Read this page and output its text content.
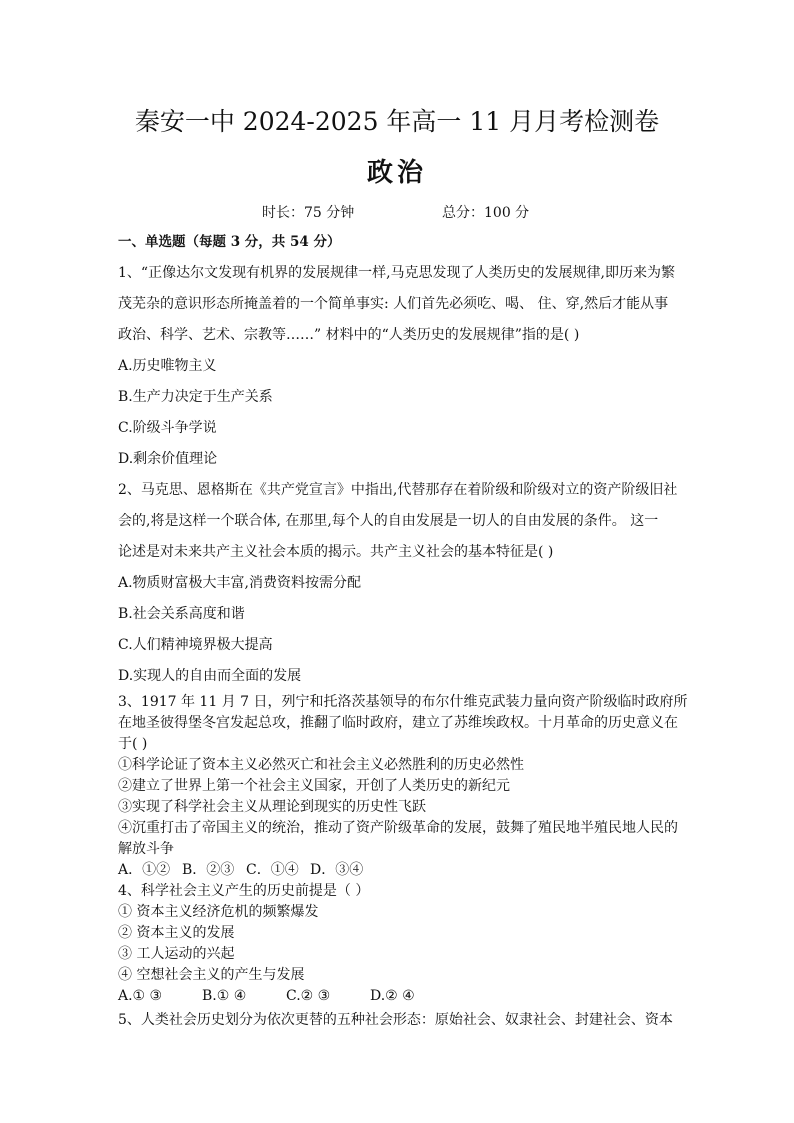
秦安一中 2024-2025 年高一 11 月月考检测卷
政治
时长：75 分钟	总分：100 分

一、单选题（每题 3 分，共 54 分）

1、“正像达尔文发现有机界的发展规律一样,马克思发现了人类历史的发展规律,即历来为繁

茂芜杂的意识形态所掩盖着的一个简单事实: 人们首先必须吃、喝、 住、穿,然后才能从事

政治、科学、艺术、宗教等……” 材料中的“人类历史的发展规律”指的是( )

A.历史唯物主义

B.生产力决定于生产关系

C.阶级斗争学说

D.剩余价值理论

2、马克思、恩格斯在《共产党宣言》中指出,代替那存在着阶级和阶级对立的资产阶级旧社

会的,将是这样一个联合体, 在那里,每个人的自由发展是一切人的自由发展的条件。 这一

论述是对未来共产主义社会本质的揭示。共产主义社会的基本特征是( )

A.物质财富极大丰富,消费资料按需分配

B.社会关系高度和谐

C.人们精神境界极大提高

D.实现人的自由而全面的发展

3、1917 年 11 月 7 日，列宁和托洛茨基领导的布尔什维克武装力量向资产阶级临时政府所

在地圣彼得堡冬宫发起总攻，推翻了临时政府，建立了苏维埃政权。十月革命的历史意义在

于( )

①科学论证了资本主义必然灭亡和社会主义必然胜利的历史必然性

②建立了世界上第一个社会主义国家，开创了人类历史的新纪元

③实现了科学社会主义从理论到现实的历史性飞跃

④沉重打击了帝国主义的统治，推动了资产阶级革命的发展，鼓舞了殖民地半殖民地人民的

解放斗争

A．①② B．②③ C．①④ D．③④

4、科学社会主义产生的历史前提是（ ）

① 资本主义经济危机的频繁爆发

② 资本主义的发展

③ 工人运动的兴起

④ 空想社会主义的产生与发展

A.① ③	B.① ④	C.② ③	D.② ④

5、人类社会历史划分为依次更替的五种社会形态：原始社会、奴隶社会、封建社会、资本
